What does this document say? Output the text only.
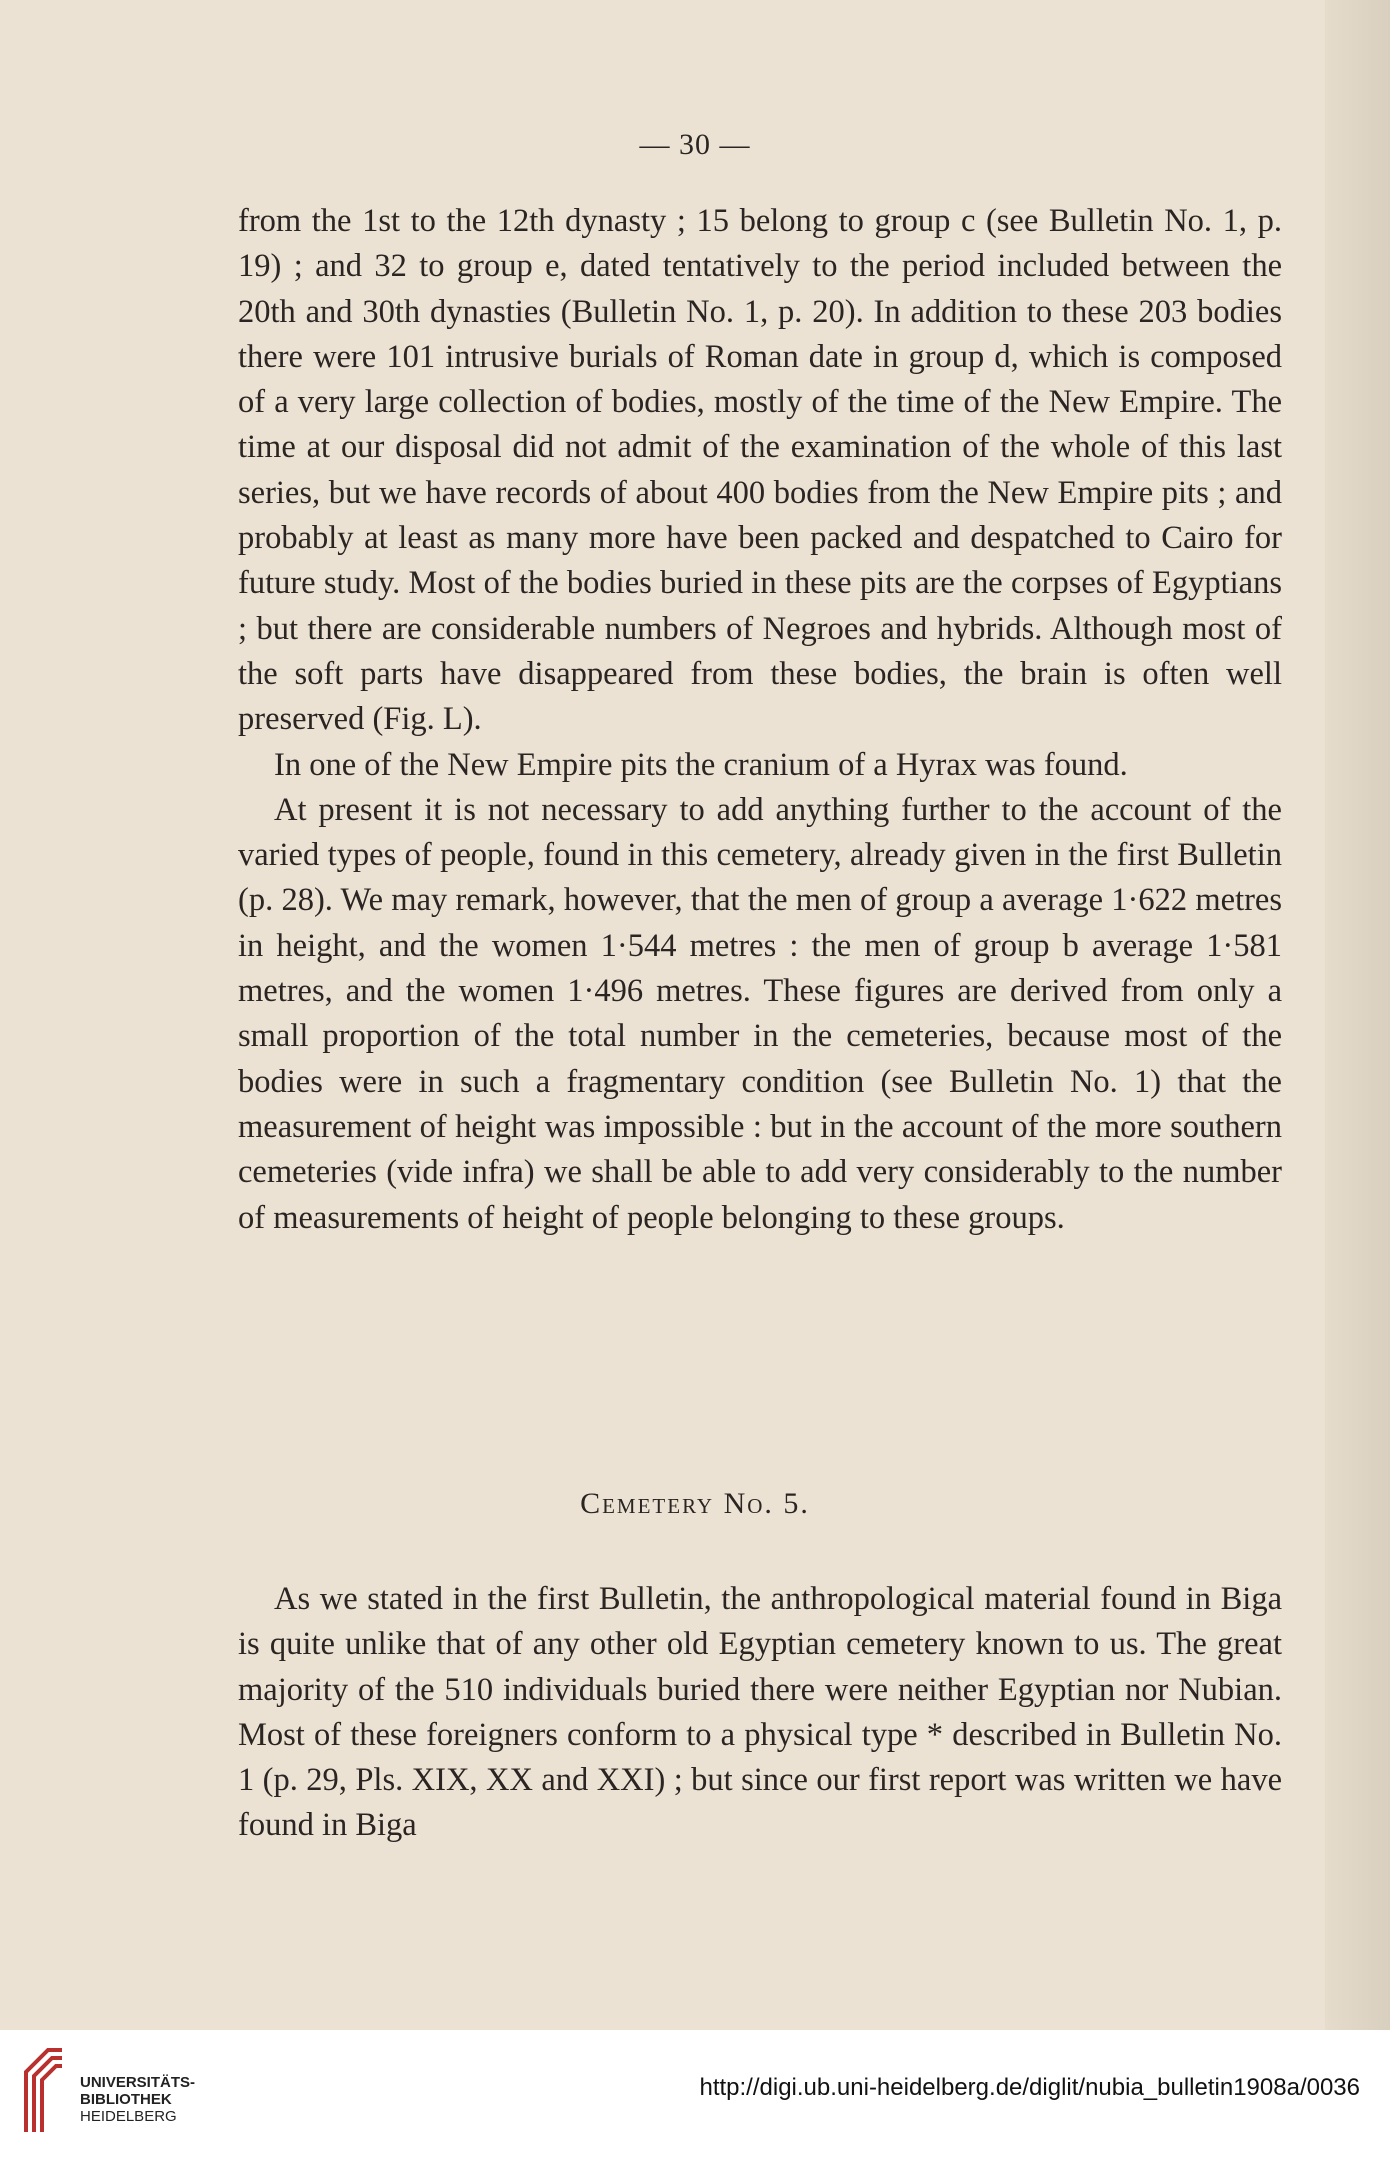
— 30 —

from the 1st to the 12th dynasty ; 15 belong to group c (see Bulletin No. 1, p. 19) ; and 32 to group e, dated tentatively to the period included between the 20th and 30th dynasties (Bulletin No. 1, p. 20). In addition to these 203 bodies there were 101 intrusive burials of Roman date in group d, which is composed of a very large collection of bodies, mostly of the time of the New Empire. The time at our disposal did not admit of the examination of the whole of this last series, but we have records of about 400 bodies from the New Empire pits ; and probably at least as many more have been packed and despatched to Cairo for future study. Most of the bodies buried in these pits are the corpses of Egyptians ; but there are considerable numbers of Negroes and hybrids. Although most of the soft parts have disappeared from these bodies, the brain is often well preserved (Fig. L).

In one of the New Empire pits the cranium of a Hyrax was found.

At present it is not necessary to add anything further to the account of the varied types of people, found in this cemetery, already given in the first Bulletin (p. 28). We may remark, however, that the men of group a average 1·622 metres in height, and the women 1·544 metres : the men of group b average 1·581 metres, and the women 1·496 metres. These figures are derived from only a small proportion of the total number in the cemeteries, because most of the bodies were in such a fragmentary condition (see Bulletin No. 1) that the measurement of height was impossible : but in the account of the more southern cemeteries (vide infra) we shall be able to add very considerably to the number of measurements of height of people belonging to these groups.

Cemetery No. 5.

As we stated in the first Bulletin, the anthropological material found in Biga is quite unlike that of any other old Egyptian cemetery known to us. The great majority of the 510 individuals buried there were neither Egyptian nor Nubian. Most of these foreigners conform to a physical type * described in Bulletin No. 1 (p. 29, Pls. XIX, XX and XXI) ; but since our first report was written we have found in Biga

UNIVERSITÄTS-
BIBLIOTHEK
HEIDELBERG
http://digi.ub.uni-heidelberg.de/diglit/nubia_bulletin1908a/0036
